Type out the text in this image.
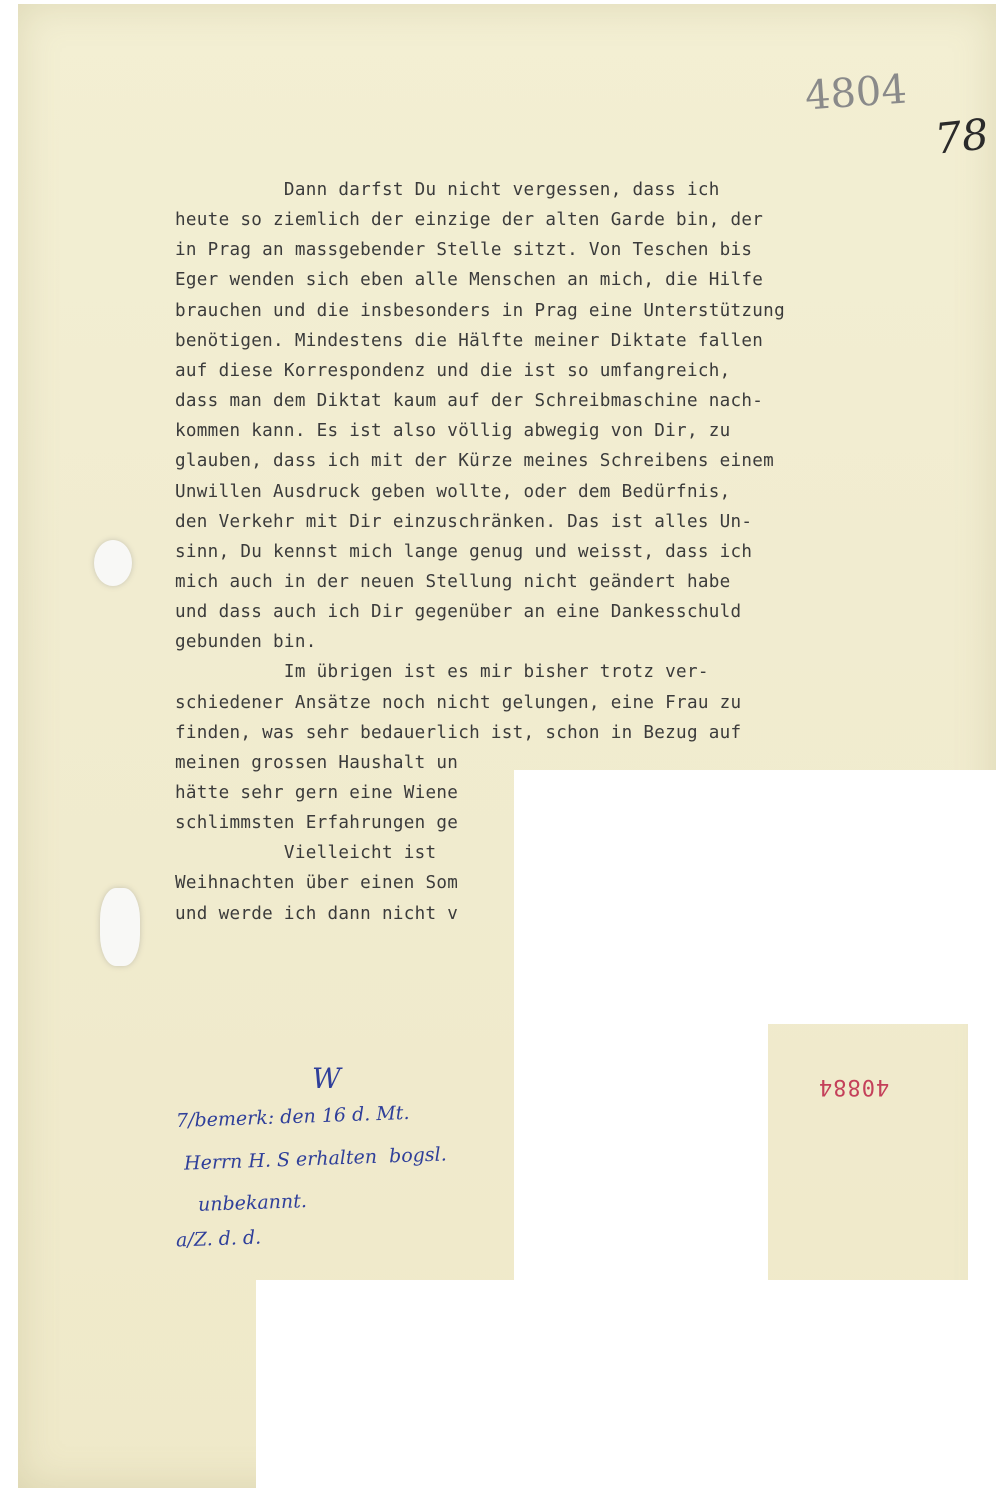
4804
78
Dann darfst Du nicht vergessen, dass ich
heute so ziemlich der einzige der alten Garde bin, der
in Prag an massgebender Stelle sitzt. Von Teschen bis
Eger wenden sich eben alle Menschen an mich, die Hilfe
brauchen und die insbesonders in Prag eine Unterstützung
benötigen. Mindestens die Hälfte meiner Diktate fallen
auf diese Korrespondenz und die ist so umfangreich,
dass man dem Diktat kaum auf der Schreibmaschine nach-
kommen kann. Es ist also völlig abwegig von Dir, zu
glauben, dass ich mit der Kürze meines Schreibens einem
Unwillen Ausdruck geben wollte, oder dem Bedürfnis,
den Verkehr mit Dir einzuschränken. Das ist alles Un-
sinn, Du kennst mich lange genug und weisst, dass ich
mich auch in der neuen Stellung nicht geändert habe
und dass auch ich Dir gegenüber an eine Dankesschuld
gebunden bin.
Im übrigen ist es mir bisher trotz ver-
schiedener Ansätze noch nicht gelungen, eine Frau zu
finden, was sehr bedauerlich ist, schon in Bezug auf
meinen grossen Haushalt un
hätte sehr gern eine Wiene
schlimmsten Erfahrungen ge
Vielleicht ist
Weihnachten über einen Som
und werde ich dann nicht v
W
7/bemerk: den 16 d. Mt.
Herrn H. S erhalten  bogsl.
unbekannt.
a/Z. d. d.
40884
